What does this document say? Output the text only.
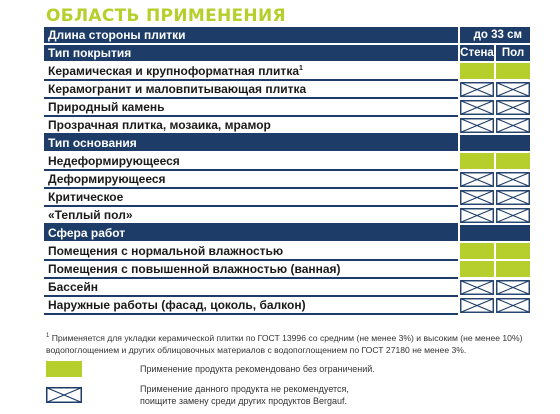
ОБЛАСТЬ ПРИМЕНЕНИЯ
Длина стороны плитки	до 33 см	
Тип покрытия	Стена	Пол
Керамическая и крупноформатная плитка$^1$		
Керамогранит и маловпитывающая плитка	

Природный камень	

Прозрачная плитка, мозаика, мрамор	

Тип основания		
Недеформирующееся		
Деформирующееся	

Критическое	

«Теплый пол»	

Сфера работ		
Помещения с нормальной влажностью		
Помещения с повышенной влажностью (ванная)		
Бассейн	

Наружные работы (фасад, цоколь, балкон)	

$^1$ Применяется для укладки керамической плитки по ГОСТ 13996 со средним (не менее 3%) и высоким (не менее 10%) водопоглощением и других облицовочных материалов с водопоглощением по ГОСТ 27180 не менее 3%.
Применение продукта рекомендовано без ограничений.
Применение данного продукта не рекомендуется,
поищите замену среди других продуктов Bergauf.
